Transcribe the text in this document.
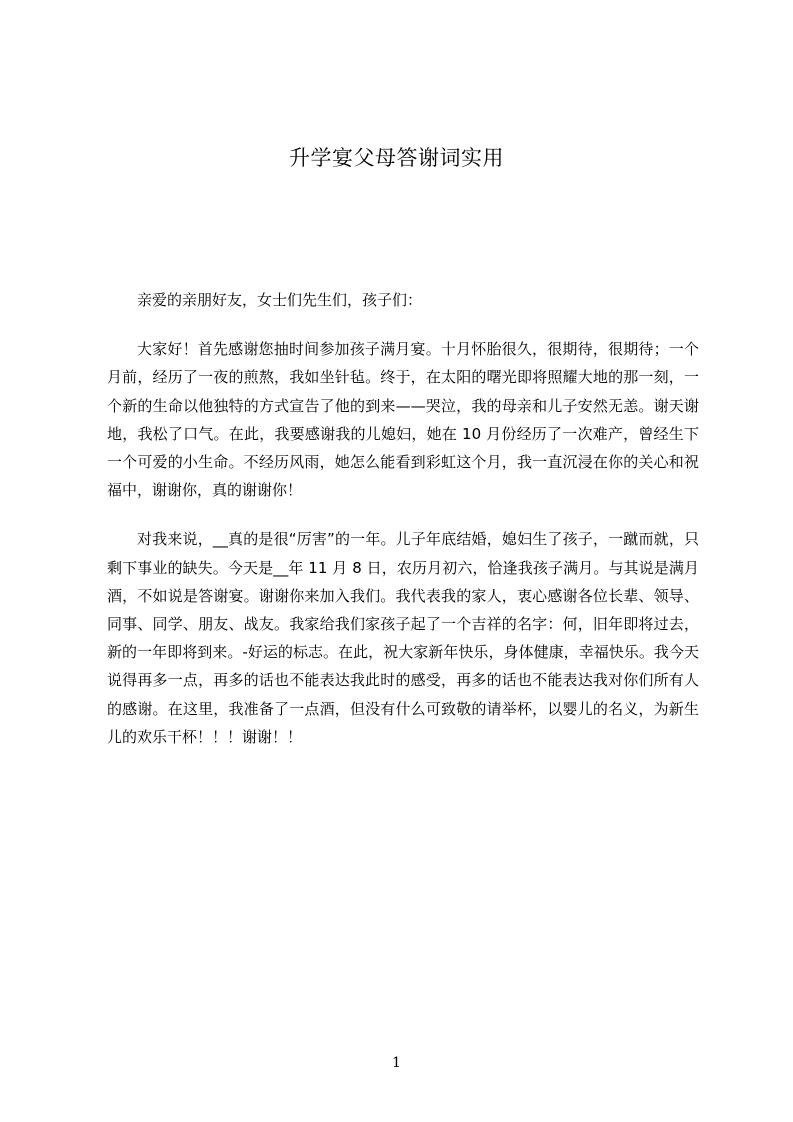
升学宴父母答谢词实用

亲爱的亲朋好友，女士们先生们，孩子们：

大家好！首先感谢您抽时间参加孩子满月宴。十月怀胎很久，很期待，很期待；一个月前，经历了一夜的煎熬，我如坐针毡。终于，在太阳的曙光即将照耀大地的那一刻，一个新的生命以他独特的方式宣告了他的到来——哭泣，我的母亲和儿子安然无恙。谢天谢地，我松了口气。在此，我要感谢我的儿媳妇，她在 10 月份经历了一次难产，曾经生下一个可爱的小生命。不经历风雨，她怎么能看到彩虹这个月，我一直沉浸在你的关心和祝福中，谢谢你，真的谢谢你！

对我来说，__真的是很“厉害”的一年。儿子年底结婚，媳妇生了孩子，一蹴而就，只剩下事业的缺失。今天是__年 11 月 8 日，农历月初六，恰逢我孩子满月。与其说是满月酒，不如说是答谢宴。谢谢你来加入我们。我代表我的家人，衷心感谢各位长辈、领导、同事、同学、朋友、战友。我家给我们家孩子起了一个吉祥的名字：何，旧年即将过去，新的一年即将到来。-好运的标志。在此，祝大家新年快乐，身体健康，幸福快乐。我今天说得再多一点，再多的话也不能表达我此时的感受，再多的话也不能表达我对你们所有人的感谢。在这里，我准备了一点酒，但没有什么可致敬的请举杯，以婴儿的名义，为新生儿的欢乐干杯！！！谢谢！！

1
